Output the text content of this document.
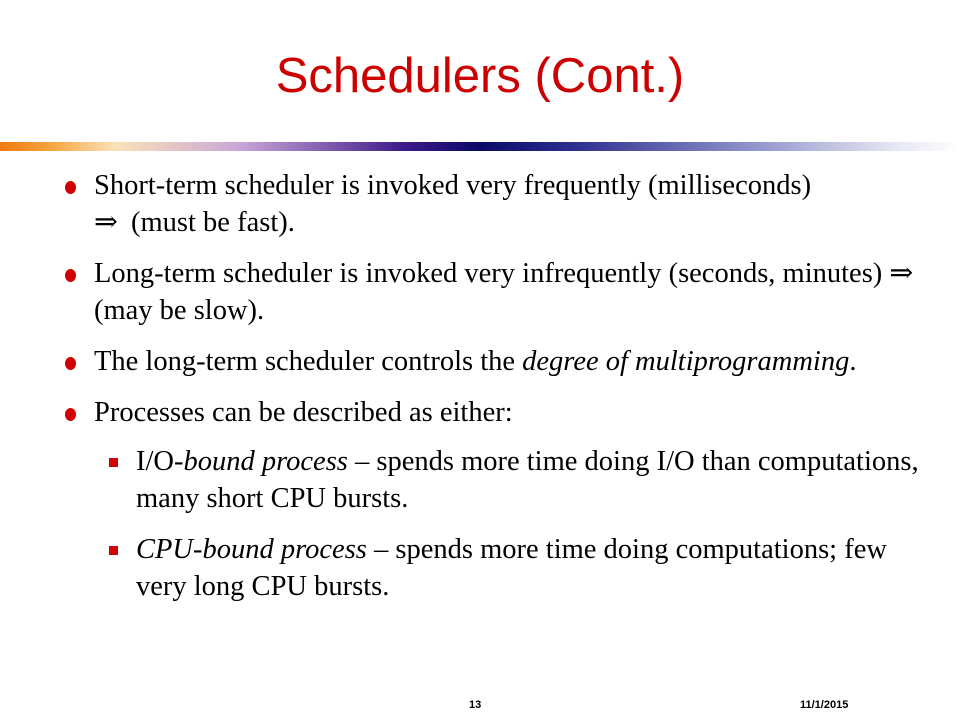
Schedulers (Cont.)
Short-term scheduler is invoked very frequently (milliseconds)
⇒ (must be fast).
Long-term scheduler is invoked very infrequently (seconds, minutes) ⇒ (may be slow).
The long-term scheduler controls the degree of multiprogramming.
Processes can be described as either:
I/O-bound process – spends more time doing I/O than computations, many short CPU bursts.
CPU-bound process – spends more time doing computations; few very long CPU bursts.
13	11/1/2015
